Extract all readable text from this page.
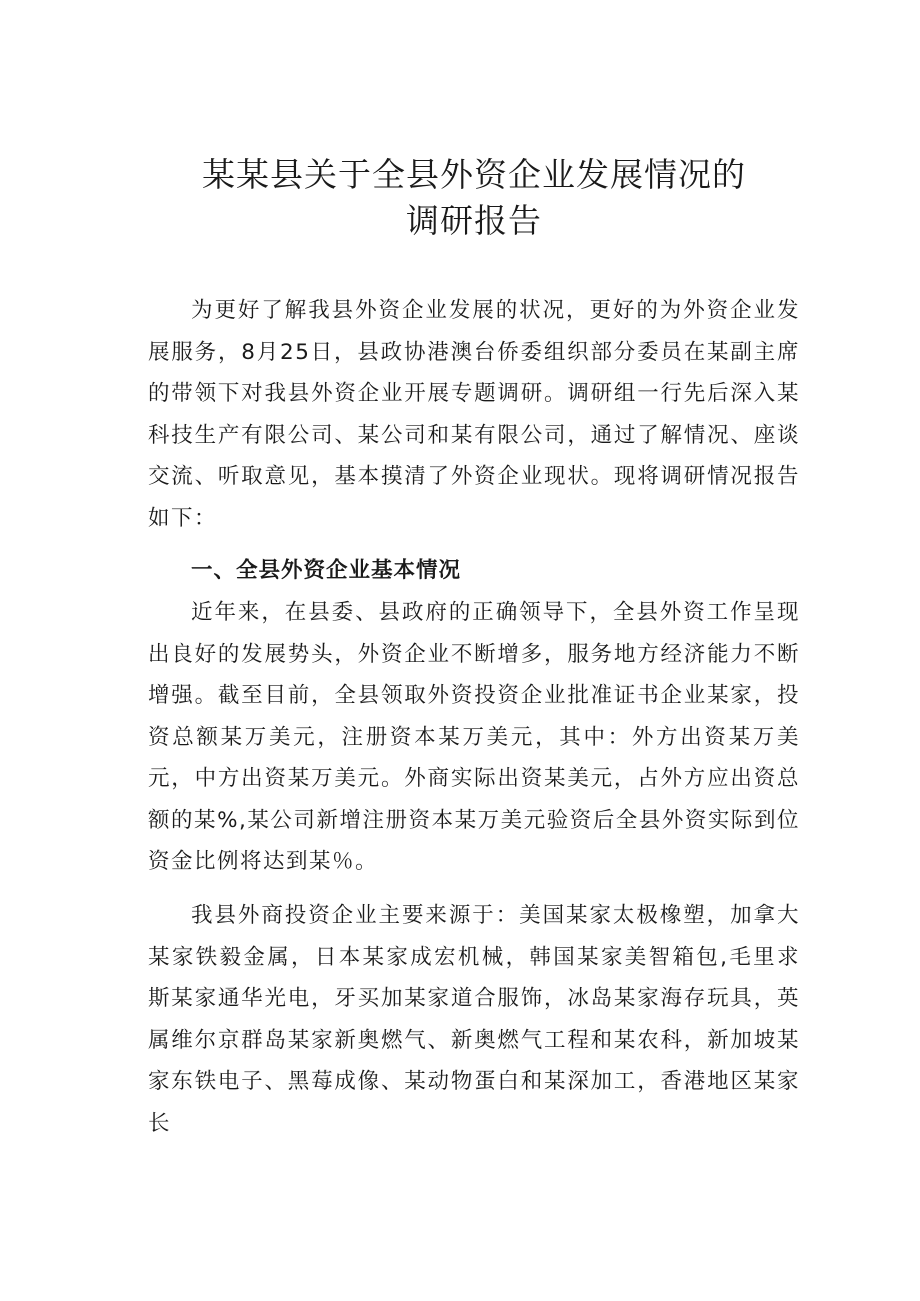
某某县关于全县外资企业发展情况的
调研报告

为更好了解我县外资企业发展的状况，更好的为外资企业发展服务，8月25日，县政协港澳台侨委组织部分委员在某副主席的带领下对我县外资企业开展专题调研。调研组一行先后深入某科技生产有限公司、某公司和某有限公司，通过了解情况、座谈交流、听取意见，基本摸清了外资企业现状。现将调研情况报告如下：

一、全县外资企业基本情况

近年来，在县委、县政府的正确领导下，全县外资工作呈现出良好的发展势头，外资企业不断增多，服务地方经济能力不断增强。截至目前，全县领取外资投资企业批准证书企业某家，投资总额某万美元，注册资本某万美元，其中：外方出资某万美元，中方出资某万美元。外商实际出资某美元，占外方应出资总额的某%,某公司新增注册资本某万美元验资后全县外资实际到位资金比例将达到某％。

我县外商投资企业主要来源于：美国某家太极橡塑，加拿大某家铁毅金属，日本某家成宏机械，韩国某家美智箱包,毛里求斯某家通华光电，牙买加某家道合服饰，冰岛某家海存玩具，英属维尔京群岛某家新奥燃气、新奥燃气工程和某农科，新加坡某家东铁电子、黑莓成像、某动物蛋白和某深加工，香港地区某家长
